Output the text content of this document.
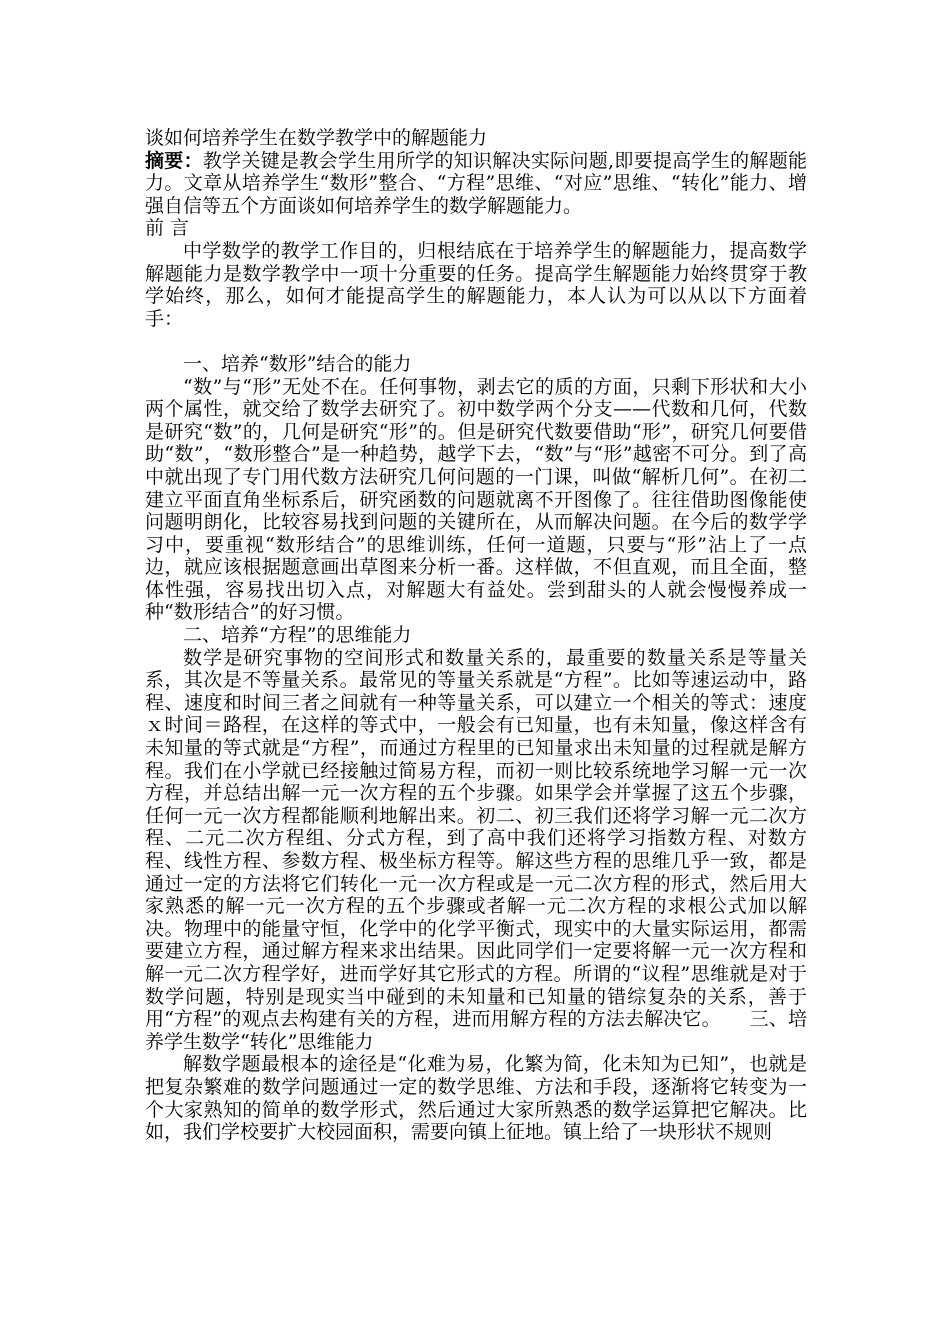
谈如何培养学生在数学教学中的解题能力

摘要：教学关键是教会学生用所学的知识解决实际问题,即要提高学生的解题能力。文章从培养学生“数形”整合、“方程”思维、“对应”思维、“转化”能力、增强自信等五个方面谈如何培养学生的数学解题能力。

前 言

中学数学的教学工作目的，归根结底在于培养学生的解题能力，提高数学解题能力是数学教学中一项十分重要的任务。提高学生解题能力始终贯穿于教学始终，那么，如何才能提高学生的解题能力，本人认为可以从以下方面着手：

一、培养“数形”结合的能力

“数”与“形”无处不在。任何事物，剥去它的质的方面，只剩下形状和大小两个属性，就交给了数学去研究了。初中数学两个分支——代数和几何，代数是研究“数”的，几何是研究“形”的。但是研究代数要借助“形”，研究几何要借助“数”，“数形整合”是一种趋势，越学下去，“数”与“形”越密不可分。到了高中就出现了专门用代数方法研究几何问题的一门课，叫做“解析几何”。在初二建立平面直角坐标系后，研究函数的问题就离不开图像了。往往借助图像能使问题明朗化，比较容易找到问题的关键所在，从而解决问题。在今后的数学学习中，要重视“数形结合”的思维训练，任何一道题，只要与“形”沾上了一点边，就应该根据题意画出草图来分析一番。这样做，不但直观，而且全面，整体性强，容易找出切入点，对解题大有益处。尝到甜头的人就会慢慢养成一种“数形结合”的好习惯。

二、培养“方程”的思维能力

数学是研究事物的空间形式和数量关系的，最重要的数量关系是等量关系，其次是不等量关系。最常见的等量关系就是“方程”。比如等速运动中，路程、速度和时间三者之间就有一种等量关系，可以建立一个相关的等式：速度ｘ时间＝路程，在这样的等式中，一般会有已知量，也有未知量，像这样含有未知量的等式就是“方程”，而通过方程里的已知量求出未知量的过程就是解方程。我们在小学就已经接触过简易方程，而初一则比较系统地学习解一元一次方程，并总结出解一元一次方程的五个步骤。如果学会并掌握了这五个步骤，任何一元一次方程都能顺利地解出来。初二、初三我们还将学习解一元二次方程、二元二次方程组、分式方程，到了高中我们还将学习指数方程、对数方程、线性方程、参数方程、极坐标方程等。解这些方程的思维几乎一致，都是通过一定的方法将它们转化一元一次方程或是一元二次方程的形式，然后用大家熟悉的解一元一次方程的五个步骤或者解一元二次方程的求根公式加以解决。物理中的能量守恒，化学中的化学平衡式，现实中的大量实际运用，都需要建立方程，通过解方程来求出结果。因此同学们一定要将解一元一次方程和解一元二次方程学好，进而学好其它形式的方程。所谓的“议程”思维就是对于数学问题，特别是现实当中碰到的未知量和已知量的错综复杂的关系，善于用“方程”的观点去构建有关的方程，进而用解方程的方法去解决它。　　 三、培养学生数学“转化”思维能力

解数学题最根本的途径是“化难为易，化繁为简，化未知为已知”，也就是把复杂繁难的数学问题通过一定的数学思维、方法和手段，逐渐将它转变为一个大家熟知的简单的数学形式，然后通过大家所熟悉的数学运算把它解决。比如，我们学校要扩大校园面积，需要向镇上征地。镇上给了一块形状不规则
